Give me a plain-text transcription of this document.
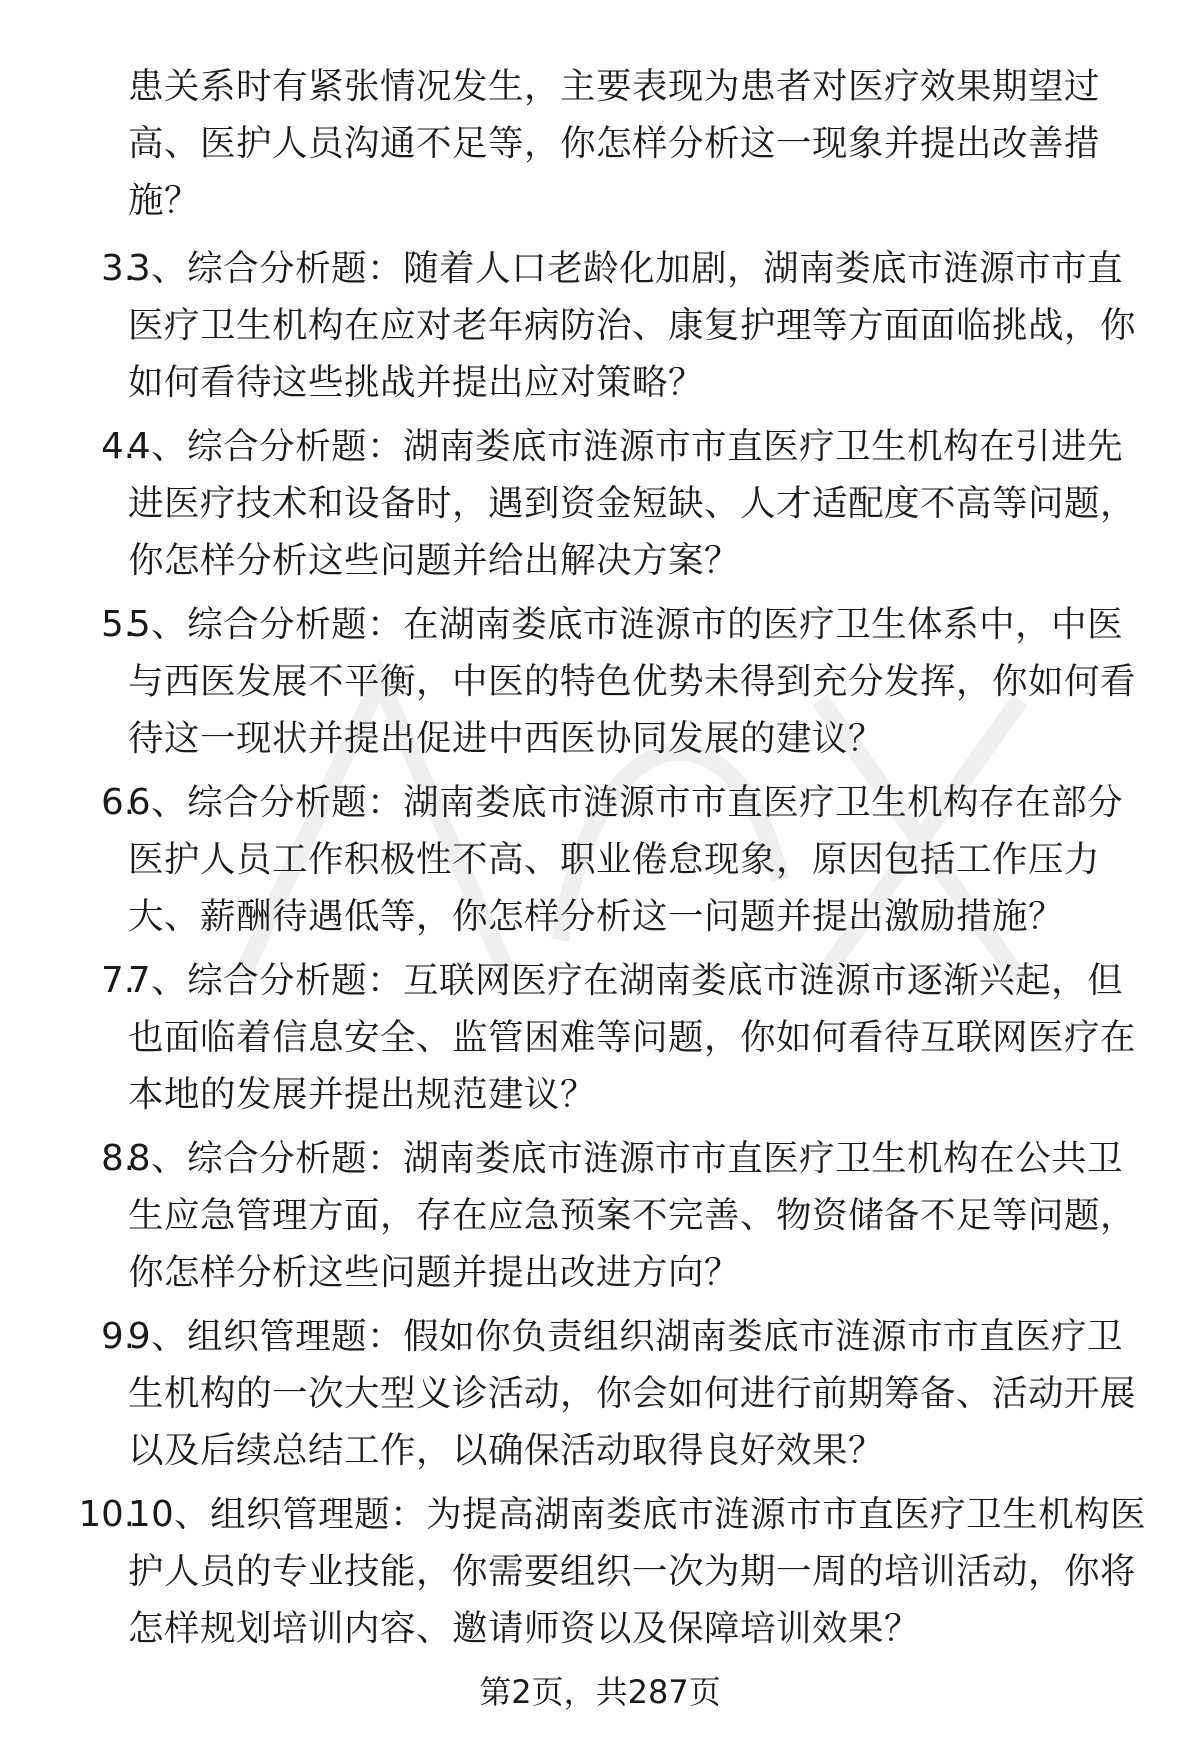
患关系时有紧张情况发生，主要表现为患者对医疗效果期望过高、医护人员沟通不足等，你怎样分析这一现象并提出改善措施？
3.
3、综合分析题：随着人口老龄化加剧，湖南娄底市涟源市市直医疗卫生机构在应对老年病防治、康复护理等方面面临挑战，你如何看待这些挑战并提出应对策略？
4.
4、综合分析题：湖南娄底市涟源市市直医疗卫生机构在引进先进医疗技术和设备时，遇到资金短缺、人才适配度不高等问题，你怎样分析这些问题并给出解决方案？
5.
5、综合分析题：在湖南娄底市涟源市的医疗卫生体系中，中医与西医发展不平衡，中医的特色优势未得到充分发挥，你如何看待这一现状并提出促进中西医协同发展的建议？
6.
6、综合分析题：湖南娄底市涟源市市直医疗卫生机构存在部分医护人员工作积极性不高、职业倦怠现象，原因包括工作压力大、薪酬待遇低等，你怎样分析这一问题并提出激励措施？
7.
7、综合分析题：互联网医疗在湖南娄底市涟源市逐渐兴起，但也面临着信息安全、监管困难等问题，你如何看待互联网医疗在本地的发展并提出规范建议？
8.
8、综合分析题：湖南娄底市涟源市市直医疗卫生机构在公共卫生应急管理方面，存在应急预案不完善、物资储备不足等问题，你怎样分析这些问题并提出改进方向？
9.
9、组织管理题：假如你负责组织湖南娄底市涟源市市直医疗卫生机构的一次大型义诊活动，你会如何进行前期筹备、活动开展以及后续总结工作，以确保活动取得良好效果？
10.
10、组织管理题：为提高湖南娄底市涟源市市直医疗卫生机构医护人员的专业技能，你需要组织一次为期一周的培训活动，你将怎样规划培训内容、邀请师资以及保障培训效果？
第2页，共287页
